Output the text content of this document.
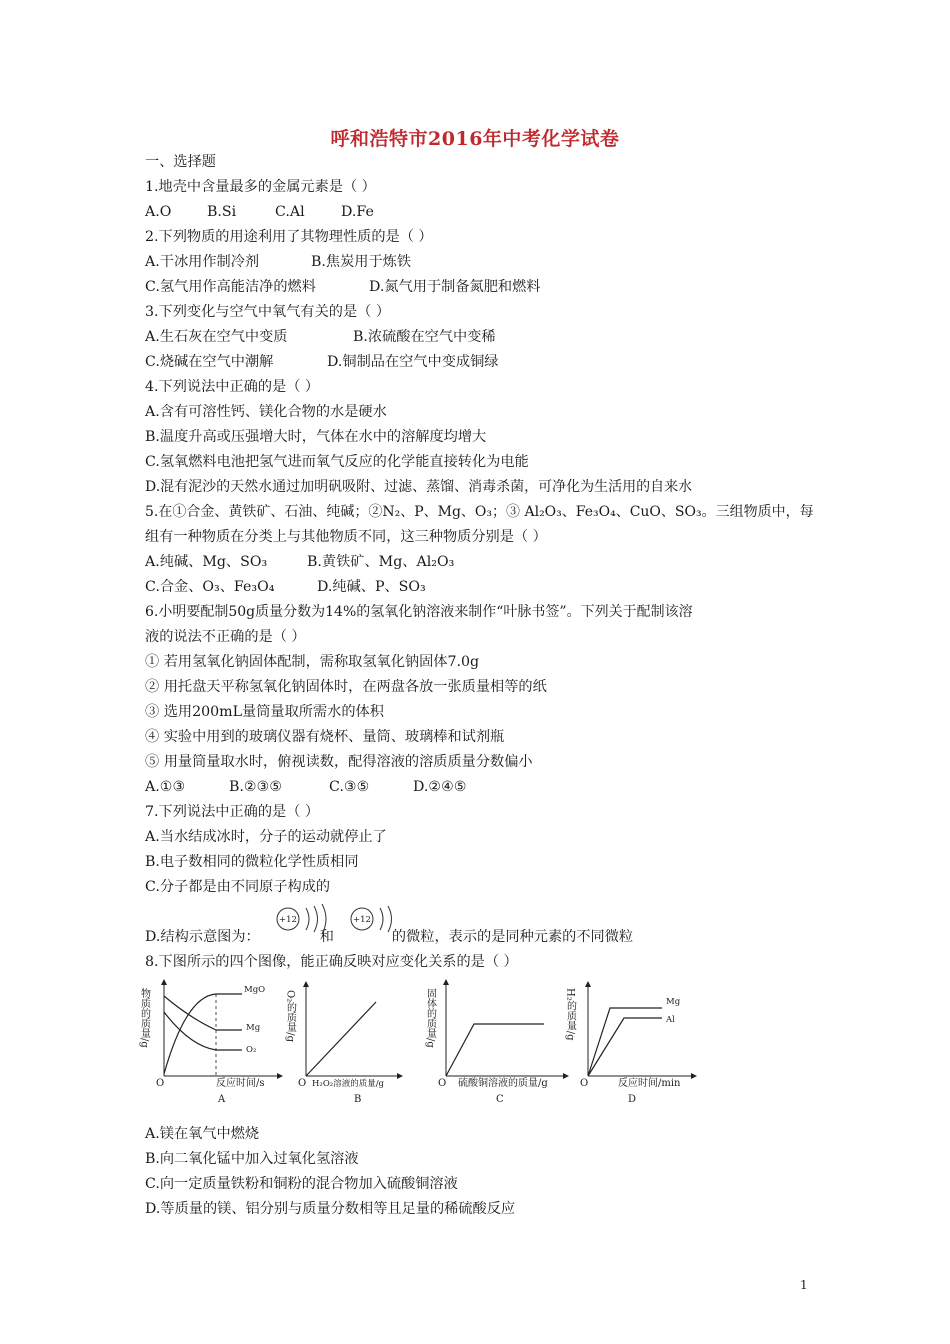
呼和浩特市2016年中考化学试卷
一、选择题
1.地壳中含量最多的金属元素是（ ）
A.O	B.Si	C.Al	D.Fe
2.下列物质的用途利用了其物理性质的是（ ）
A.干冰用作制冷剂	B.焦炭用于炼铁
C.氢气用作高能洁净的燃料	D.氮气用于制备氮肥和燃料
3.下列变化与空气中氧气有关的是（ ）
A.生石灰在空气中变质	B.浓硫酸在空气中变稀
C.烧碱在空气中潮解	D.铜制品在空气中变成铜绿
4.下列说法中正确的是（ ）
A.含有可溶性钙、镁化合物的水是硬水
B.温度升高或压强增大时，气体在水中的溶解度均增大
C.氢氧燃料电池把氢气进而氧气反应的化学能直接转化为电能
D.混有泥沙的天然水通过加明矾吸附、过滤、蒸馏、消毒杀菌，可净化为生活用的自来水
5.在①合金、黄铁矿、石油、纯碱；②N₂、P、Mg、O₃；③ Al₂O₃、Fe₃O₄、CuO、SO₃。三组物质中，每
组有一种物质在分类上与其他物质不同，这三种物质分别是（ ）
A.纯碱、Mg、SO₃	B.黄铁矿、Mg、Al₂O₃
C.合金、O₃、Fe₃O₄	D.纯碱、P、SO₃
6.小明要配制50g质量分数为14%的氢氧化钠溶液来制作“叶脉书签”。下列关于配制该溶
液的说法不正确的是（ ）
① 若用氢氧化钠固体配制，需称取氢氧化钠固体7.0g
② 用托盘天平称氢氧化钠固体时，在两盘各放一张质量相等的纸
③ 选用200mL量筒量取所需水的体积
④ 实验中用到的玻璃仪器有烧杯、量筒、玻璃棒和试剂瓶
⑤ 用量筒量取水时，俯视读数，配得溶液的溶质质量分数偏小
A.①③	B.②③⑤	C.③⑤	D.②④⑤
7.下列说法中正确的是（ ）
A.当水结成冰时，分子的运动就停止了
B.电子数相同的微粒化学性质相同
C.分子都是由不同原子构成的
D.结构示意图为：	和	的微粒，表示的是同种元素的不同微粒
+12	+12
8.下图所示的四个图像，能正确反映对应变化关系的是（ ）
物质的质量/g
O	反应时间/s
A
MgO
Mg
O₂
O₂的质量/g
O H₂O₂溶液的质量/g
B
固体的质量/g
O 硫酸铜溶液的质量/g
C
H₂的质量/g
O	反应时间/min
D
Mg
Al
A.镁在氧气中燃烧
B.向二氧化锰中加入过氧化氢溶液
C.向一定质量铁粉和铜粉的混合物加入硫酸铜溶液
D.等质量的镁、铝分别与质量分数相等且足量的稀硫酸反应
1
